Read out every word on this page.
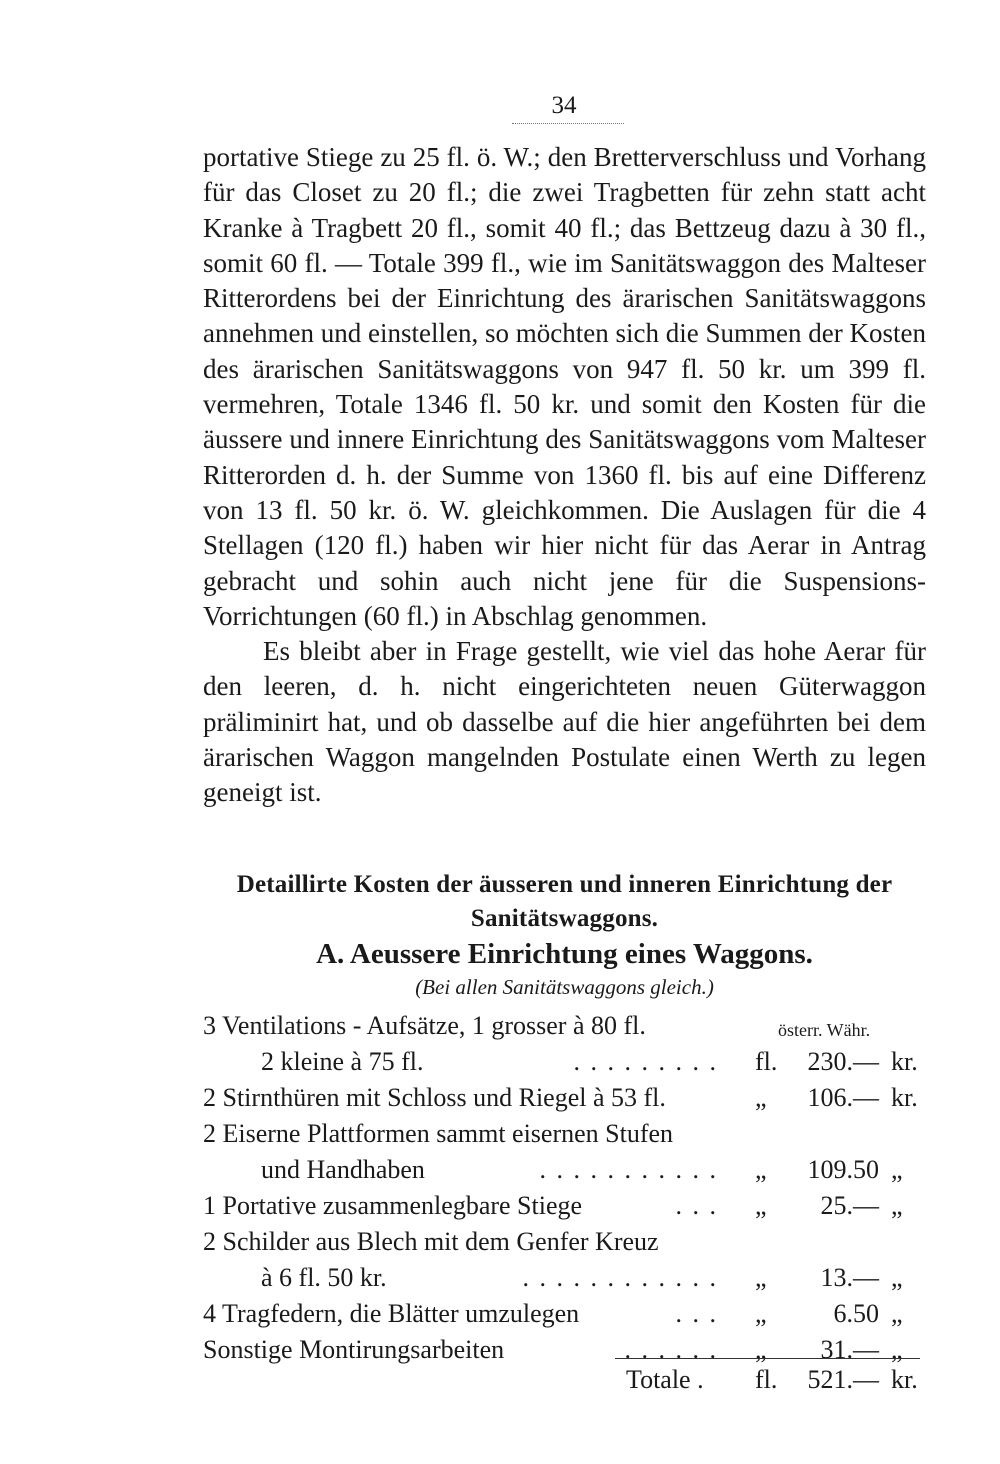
34

portative Stiege zu 25 fl. ö. W.; den Bretterverschluss und Vorhang für das Closet zu 20 fl.; die zwei Tragbetten für zehn statt acht Kranke à Tragbett 20 fl., somit 40 fl.; das Bettzeug dazu à 30 fl., somit 60 fl. — Totale 399 fl., wie im Sanitätswaggon des Malteser Ritterordens bei der Einrichtung des ärarischen Sanitätswaggons annehmen und einstellen, so möchten sich die Summen der Kosten des ärarischen Sanitätswaggons von 947 fl. 50 kr. um 399 fl. vermehren, Totale 1346 fl. 50 kr. und somit den Kosten für die äussere und innere Einrichtung des Sanitätswaggons vom Malteser Ritterorden d. h. der Summe von 1360 fl. bis auf eine Differenz von 13 fl. 50 kr. ö. W. gleichkommen. Die Auslagen für die 4 Stellagen (120 fl.) haben wir hier nicht für das Aerar in Antrag gebracht und sohin auch nicht jene für die Suspensions-Vorrichtungen (60 fl.) in Abschlag genommen.

Es bleibt aber in Frage gestellt, wie viel das hohe Aerar für den leeren, d. h. nicht eingerichteten neuen Güterwaggon präliminirt hat, und ob dasselbe auf die hier angeführten bei dem ärarischen Waggon mangelnden Postulate einen Werth zu legen geneigt ist.

Detaillirte Kosten der äusseren und inneren Einrichtung der Sanitätswaggons.
A. Aeussere Einrichtung eines Waggons.
(Bei allen Sanitätswaggons gleich.)
3 Ventilations - Aufsätze, 1 grosser à 80 fl.	österr. Währ.
2 kleine à 75 fl.	. . . . . . . . . fl.	230.— kr.
2 Stirnthüren mit Schloss und Riegel à 53 fl.	„	106.— kr.
2 Eiserne Plattformen sammt eisernen Stufen
und Handhaben	. . . . . . . . . . . „	109.50 „
1 Portative zusammenlegbare Stiege	. . . „	25.— „
2 Schilder aus Blech mit dem Genfer Kreuz
à 6 fl. 50 kr.	. . . . . . . . . . . . „	13.— „
4 Tragfedern, die Blätter umzulegen	. . . „	6.50 „
Sonstige Montirungsarbeiten	. . . . . . „	31.— „
Totale . fl.	521.— kr.
